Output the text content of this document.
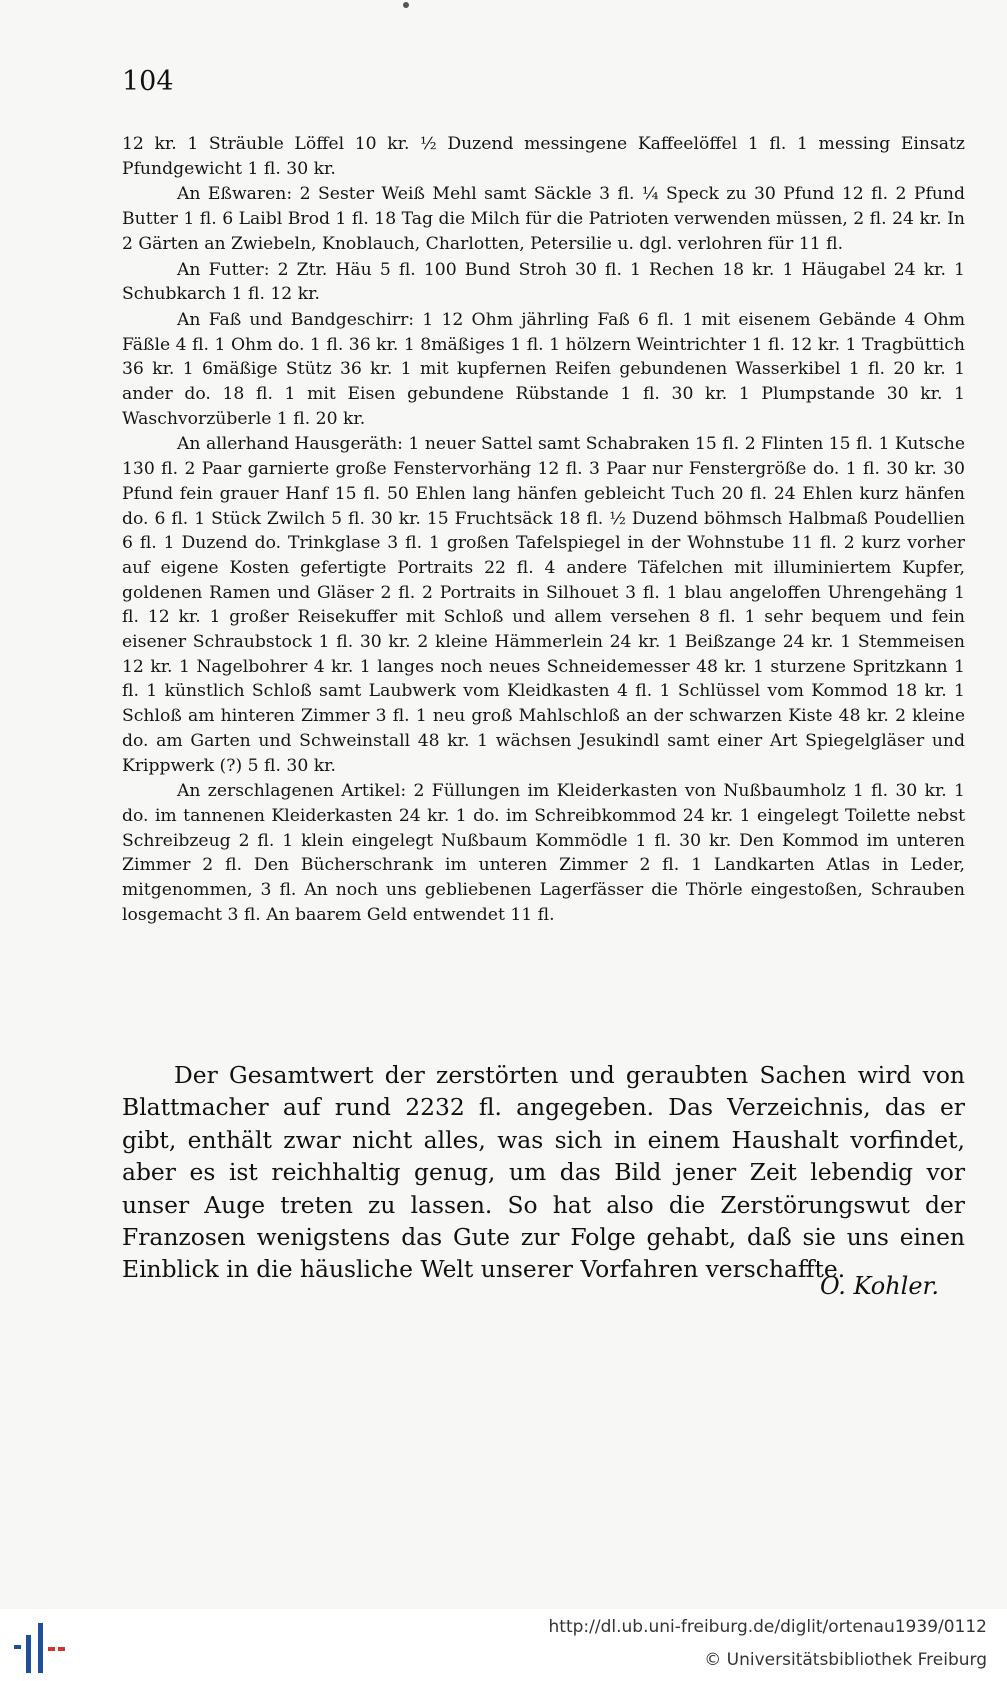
104

12 kr. 1 Sträuble Löffel 10 kr. ½ Duzend messingene Kaffeelöffel 1 fl. 1 messing Einsatz Pfundgewicht 1 fl. 30 kr.

An Eßwaren: 2 Sester Weiß Mehl samt Säckle 3 fl. ¼ Speck zu 30 Pfund 12 fl. 2 Pfund Butter 1 fl. 6 Laibl Brod 1 fl. 18 Tag die Milch für die Patrioten verwenden müssen, 2 fl. 24 kr. In 2 Gärten an Zwiebeln, Knoblauch, Charlotten, Petersilie u. dgl. verlohren für 11 fl.

An Futter: 2 Ztr. Häu 5 fl. 100 Bund Stroh 30 fl. 1 Rechen 18 kr. 1 Häugabel 24 kr. 1 Schubkarch 1 fl. 12 kr.

An Faß und Bandgeschirr: 1 12 Ohm jährling Faß 6 fl. 1 mit eisenem Gebände 4 Ohm Fäßle 4 fl. 1 Ohm do. 1 fl. 36 kr. 1 8mäßiges 1 fl. 1 hölzern Weintrichter 1 fl. 12 kr. 1 Tragbüttich 36 kr. 1 6mäßige Stütz 36 kr. 1 mit kupfernen Reifen gebundenen Wasserkibel 1 fl. 20 kr. 1 ander do. 18 fl. 1 mit Eisen gebundene Rübstande 1 fl. 30 kr. 1 Plumpstande 30 kr. 1 Waschvorzüberle 1 fl. 20 kr.

An allerhand Hausgeräth: 1 neuer Sattel samt Schabraken 15 fl. 2 Flinten 15 fl. 1 Kutsche 130 fl. 2 Paar garnierte große Fenstervorhäng 12 fl. 3 Paar nur Fenstergröße do. 1 fl. 30 kr. 30 Pfund fein grauer Hanf 15 fl. 50 Ehlen lang hänfen gebleicht Tuch 20 fl. 24 Ehlen kurz hänfen do. 6 fl. 1 Stück Zwilch 5 fl. 30 kr. 15 Fruchtsäck 18 fl. ½ Duzend böhmsch Halbmaß Poudellien 6 fl. 1 Duzend do. Trinkglase 3 fl. 1 großen Tafelspiegel in der Wohnstube 11 fl. 2 kurz vorher auf eigene Kosten gefertigte Portraits 22 fl. 4 andere Täfelchen mit illuminiertem Kupfer, goldenen Ramen und Gläser 2 fl. 2 Portraits in Silhouet 3 fl. 1 blau angeloffen Uhrengehäng 1 fl. 12 kr. 1 großer Reisekuffer mit Schloß und allem versehen 8 fl. 1 sehr bequem und fein eisener Schraubstock 1 fl. 30 kr. 2 kleine Hämmerlein 24 kr. 1 Beißzange 24 kr. 1 Stemmeisen 12 kr. 1 Nagelbohrer 4 kr. 1 langes noch neues Schneidemesser 48 kr. 1 sturzene Spritzkann 1 fl. 1 künstlich Schloß samt Laubwerk vom Kleidkasten 4 fl. 1 Schlüssel vom Kommod 18 kr. 1 Schloß am hinteren Zimmer 3 fl. 1 neu groß Mahlschloß an der schwarzen Kiste 48 kr. 2 kleine do. am Garten und Schweinstall 48 kr. 1 wächsen Jesukindl samt einer Art Spiegelgläser und Krippwerk (?) 5 fl. 30 kr.

An zerschlagenen Artikel: 2 Füllungen im Kleiderkasten von Nußbaumholz 1 fl. 30 kr. 1 do. im tannenen Kleiderkasten 24 kr. 1 do. im Schreibkommod 24 kr. 1 eingelegt Toilette nebst Schreibzeug 2 fl. 1 klein eingelegt Nußbaum Kommödle 1 fl. 30 kr. Den Kommod im unteren Zimmer 2 fl. Den Bücherschrank im unteren Zimmer 2 fl. 1 Landkarten Atlas in Leder, mitgenommen, 3 fl. An noch uns gebliebenen Lagerfässer die Thörle eingestoßen, Schrauben losgemacht 3 fl. An baarem Geld entwendet 11 fl.

Der Gesamtwert der zerstörten und geraubten Sachen wird von Blattmacher auf rund 2232 fl. angegeben. Das Verzeichnis, das er gibt, enthält zwar nicht alles, was sich in einem Haushalt vorfindet, aber es ist reichhaltig genug, um das Bild jener Zeit lebendig vor unser Auge treten zu lassen. So hat also die Zerstörungswut der Franzosen wenigstens das Gute zur Folge gehabt, daß sie uns einen Einblick in die häusliche Welt unserer Vorfahren verschaffte.

O. Kohler.
http://dl.ub.uni-freiburg.de/diglit/ortenau1939/0112
© Universitätsbibliothek Freiburg
